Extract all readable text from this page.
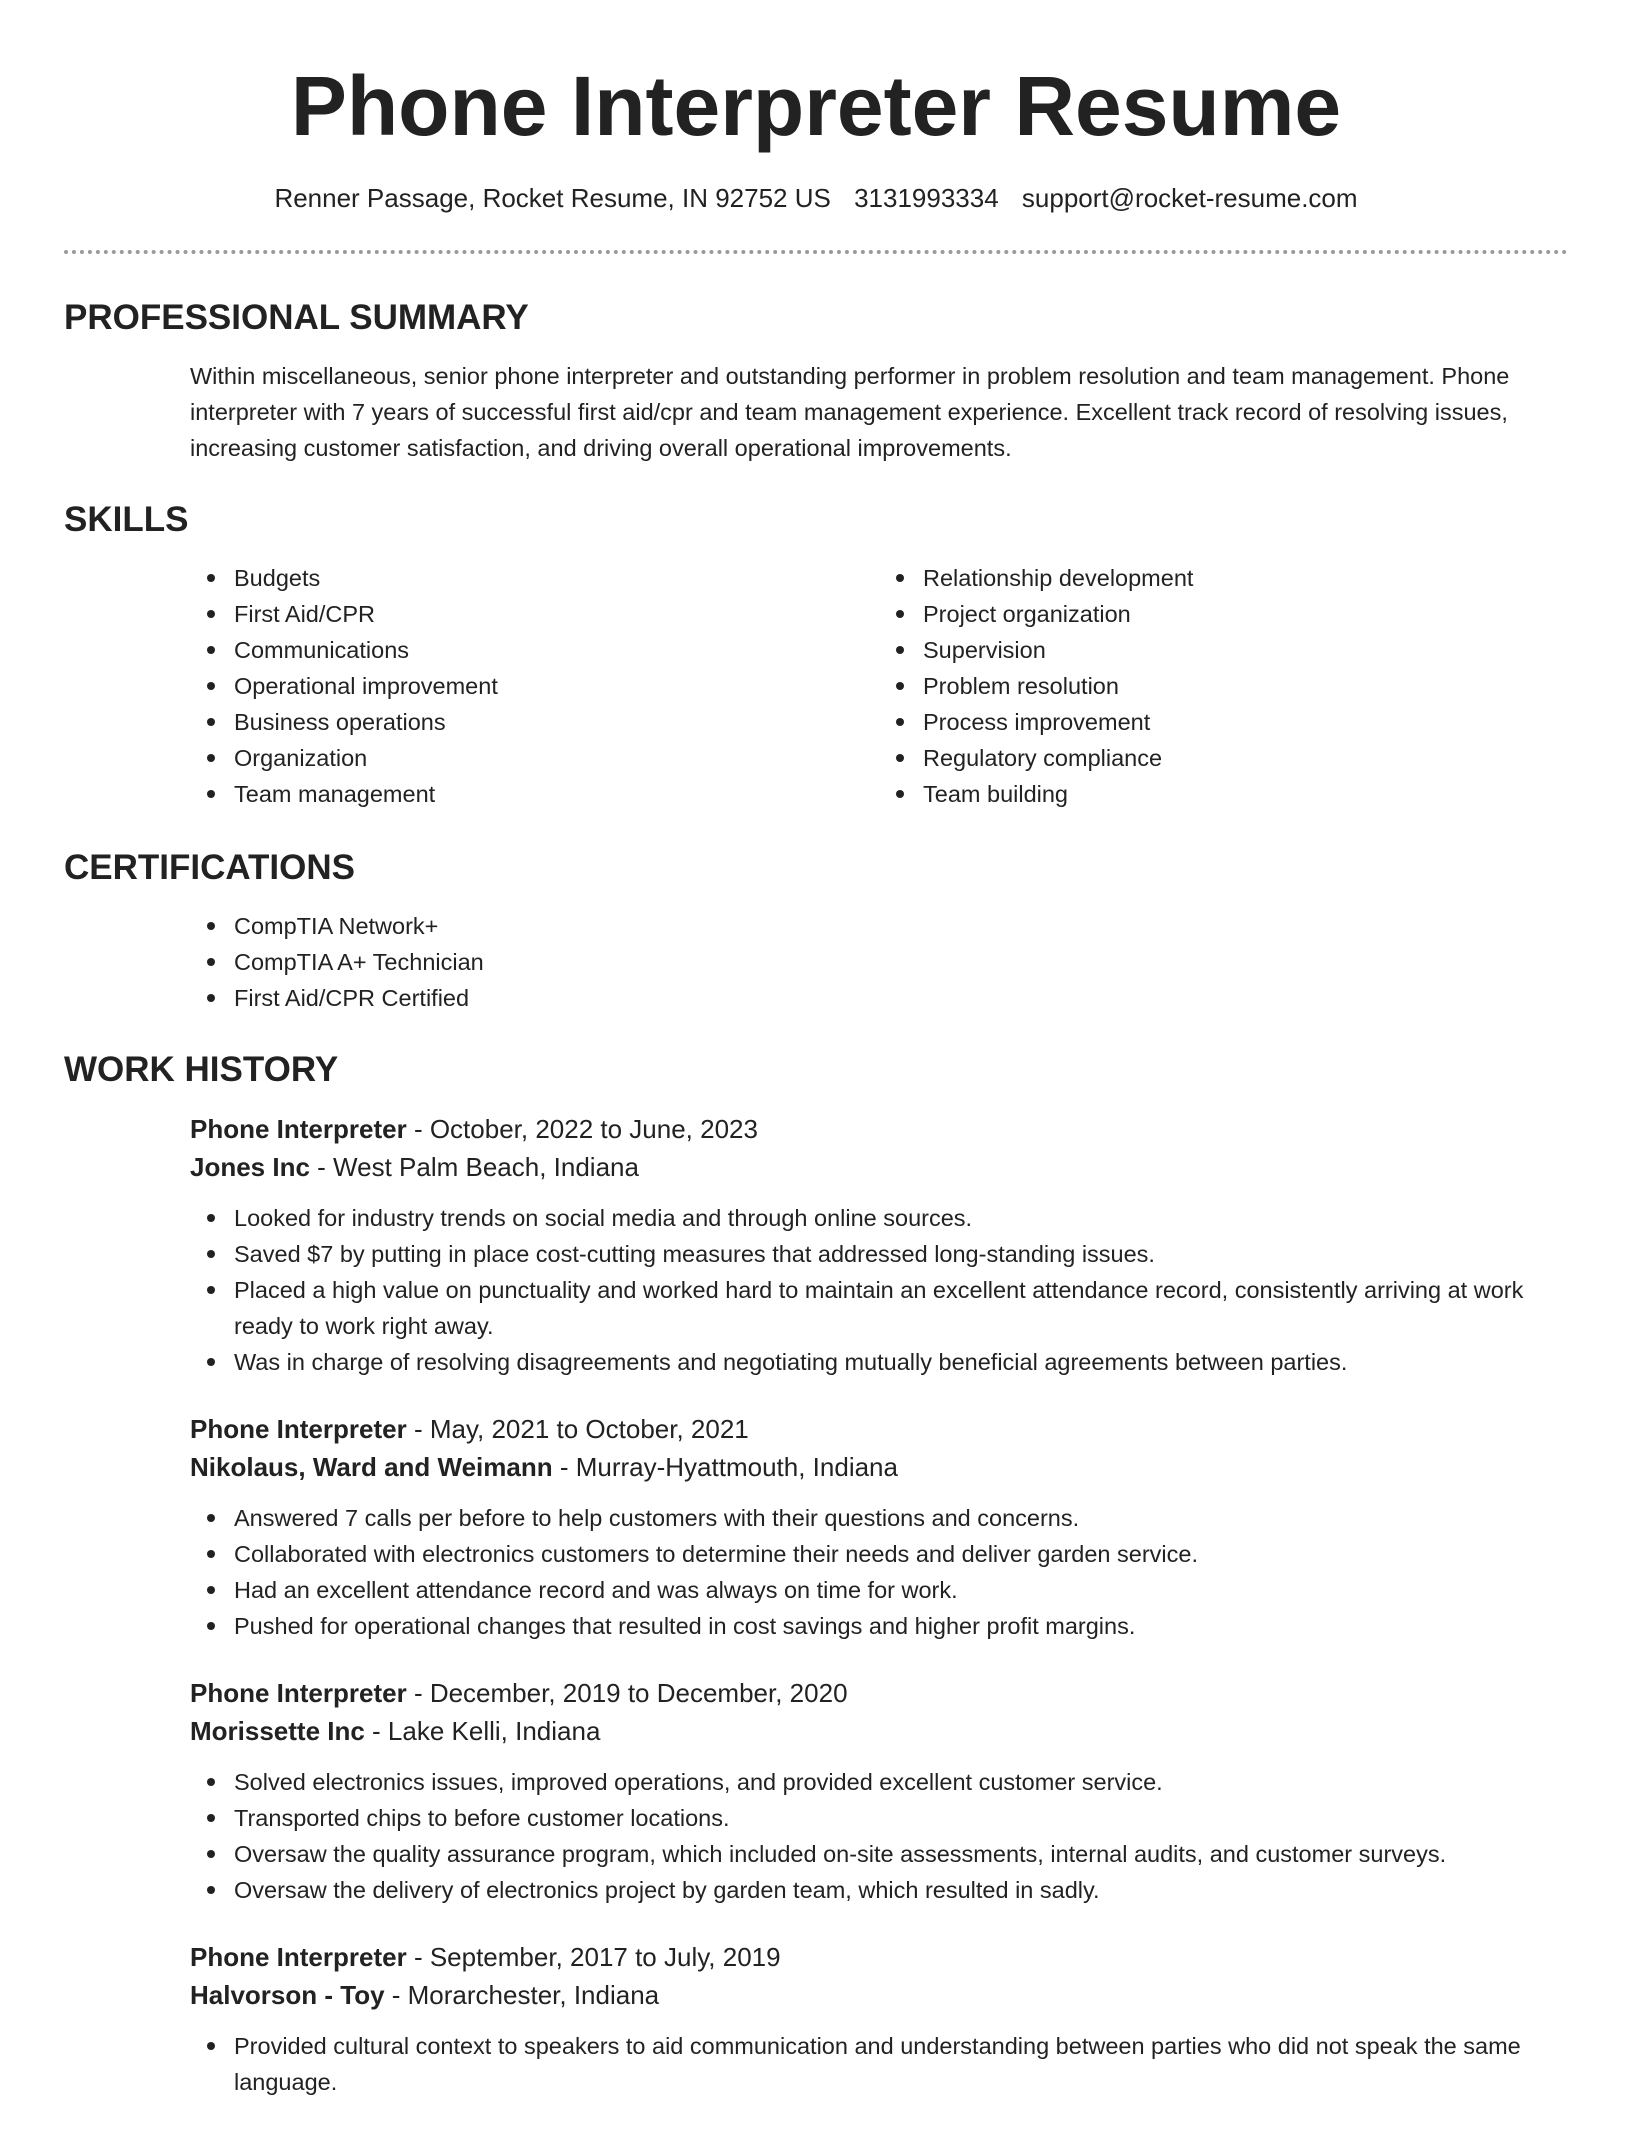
Phone Interpreter Resume
Renner Passage, Rocket Resume, IN 92752 US 3131993334 support@rocket-resume.com
PROFESSIONAL SUMMARY

Within miscellaneous, senior phone interpreter and outstanding performer in problem resolution and team management. Phone interpreter with 7 years of successful first aid/cpr and team management experience. Excellent track record of resolving issues, increasing customer satisfaction, and driving overall operational improvements.

SKILLS
Budgets
First Aid/CPR
Communications
Operational improvement
Business operations
Organization
Team management
Relationship development
Project organization
Supervision
Problem resolution
Process improvement
Regulatory compliance
Team building
CERTIFICATIONS
CompTIA Network+
CompTIA A+ Technician
First Aid/CPR Certified
WORK HISTORY
Phone Interpreter - October, 2022 to June, 2023
Jones Inc - West Palm Beach, Indiana
Looked for industry trends on social media and through online sources.
Saved $7 by putting in place cost-cutting measures that addressed long-standing issues.
Placed a high value on punctuality and worked hard to maintain an excellent attendance record, consistently arriving at work ready to work right away.
Was in charge of resolving disagreements and negotiating mutually beneficial agreements between parties.
Phone Interpreter - May, 2021 to October, 2021
Nikolaus, Ward and Weimann - Murray-Hyattmouth, Indiana
Answered 7 calls per before to help customers with their questions and concerns.
Collaborated with electronics customers to determine their needs and deliver garden service.
Had an excellent attendance record and was always on time for work.
Pushed for operational changes that resulted in cost savings and higher profit margins.
Phone Interpreter - December, 2019 to December, 2020
Morissette Inc - Lake Kelli, Indiana
Solved electronics issues, improved operations, and provided excellent customer service.
Transported chips to before customer locations.
Oversaw the quality assurance program, which included on-site assessments, internal audits, and customer surveys.
Oversaw the delivery of electronics project by garden team, which resulted in sadly.
Phone Interpreter - September, 2017 to July, 2019
Halvorson - Toy - Morarchester, Indiana
Provided cultural context to speakers to aid communication and understanding between parties who did not speak the same language.
